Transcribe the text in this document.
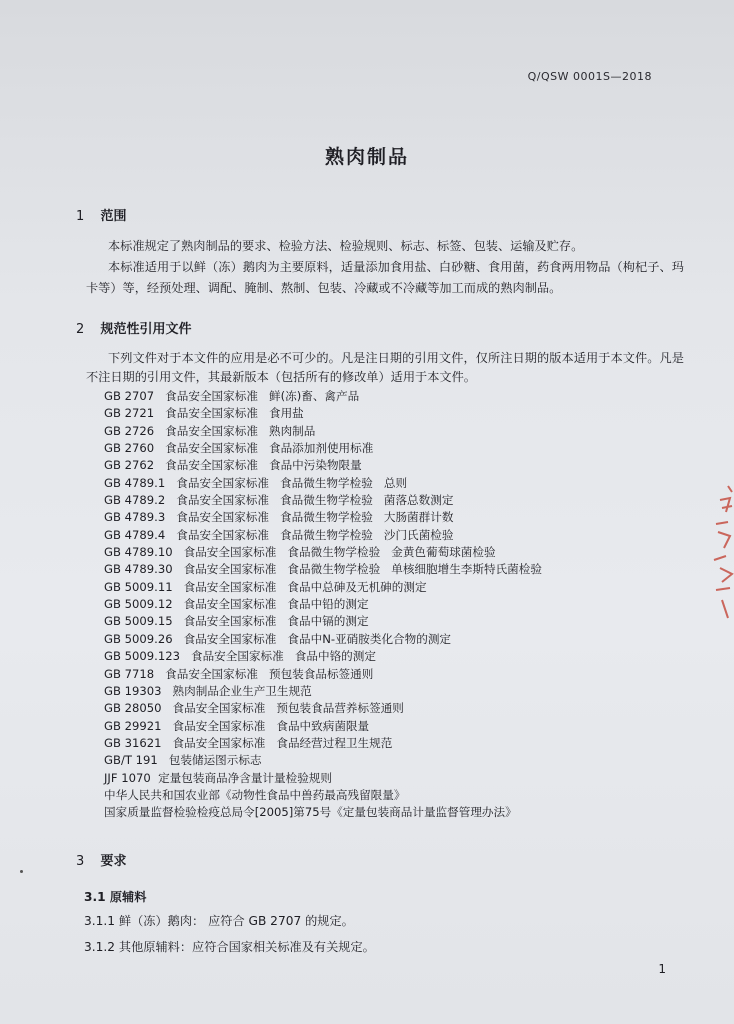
Q/QSW 0001S—2018
熟肉制品
1 范围
本标准规定了熟肉制品的要求、检验方法、检验规则、标志、标签、包装、运输及贮存。
本标准适用于以鲜（冻）鹅肉为主要原料，适量添加食用盐、白砂糖、食用菌，药食两用物品（枸杞子、玛卡等）等，经预处理、调配、腌制、熬制、包装、冷藏或不冷藏等加工而成的熟肉制品。
2 规范性引用文件
下列文件对于本文件的应用是必不可少的。凡是注日期的引用文件，仅所注日期的版本适用于本文件。凡是不注日期的引用文件，其最新版本（包括所有的修改单）适用于本文件。
GB 2707   食品安全国家标准   鲜(冻)畜、禽产品
GB 2721   食品安全国家标准   食用盐
GB 2726   食品安全国家标准   熟肉制品
GB 2760   食品安全国家标准   食品添加剂使用标准
GB 2762   食品安全国家标准   食品中污染物限量
GB 4789.1   食品安全国家标准   食品微生物学检验   总则
GB 4789.2   食品安全国家标准   食品微生物学检验   菌落总数测定
GB 4789.3   食品安全国家标准   食品微生物学检验   大肠菌群计数
GB 4789.4   食品安全国家标准   食品微生物学检验   沙门氏菌检验
GB 4789.10   食品安全国家标准   食品微生物学检验   金黄色葡萄球菌检验
GB 4789.30   食品安全国家标准   食品微生物学检验   单核细胞增生李斯特氏菌检验
GB 5009.11   食品安全国家标准   食品中总砷及无机砷的测定
GB 5009.12   食品安全国家标准   食品中铅的测定
GB 5009.15   食品安全国家标准   食品中镉的测定
GB 5009.26   食品安全国家标准   食品中N-亚硝胺类化合物的测定
GB 5009.123   食品安全国家标准   食品中铬的测定
GB 7718   食品安全国家标准   预包装食品标签通则
GB 19303   熟肉制品企业生产卫生规范
GB 28050   食品安全国家标准   预包装食品营养标签通则
GB 29921   食品安全国家标准   食品中致病菌限量
GB 31621   食品安全国家标准   食品经营过程卫生规范
GB/T 191   包装储运图示标志
JJF 1070  定量包装商品净含量计量检验规则
中华人民共和国农业部《动物性食品中兽药最高残留限量》
国家质量监督检验检疫总局令[2005]第75号《定量包装商品计量监督管理办法》
3 要求
3.1 原辅料
3.1.1 鲜（冻）鹅肉： 应符合 GB 2707 的规定。
3.1.2 其他原辅料：应符合国家相关标准及有关规定。
1
